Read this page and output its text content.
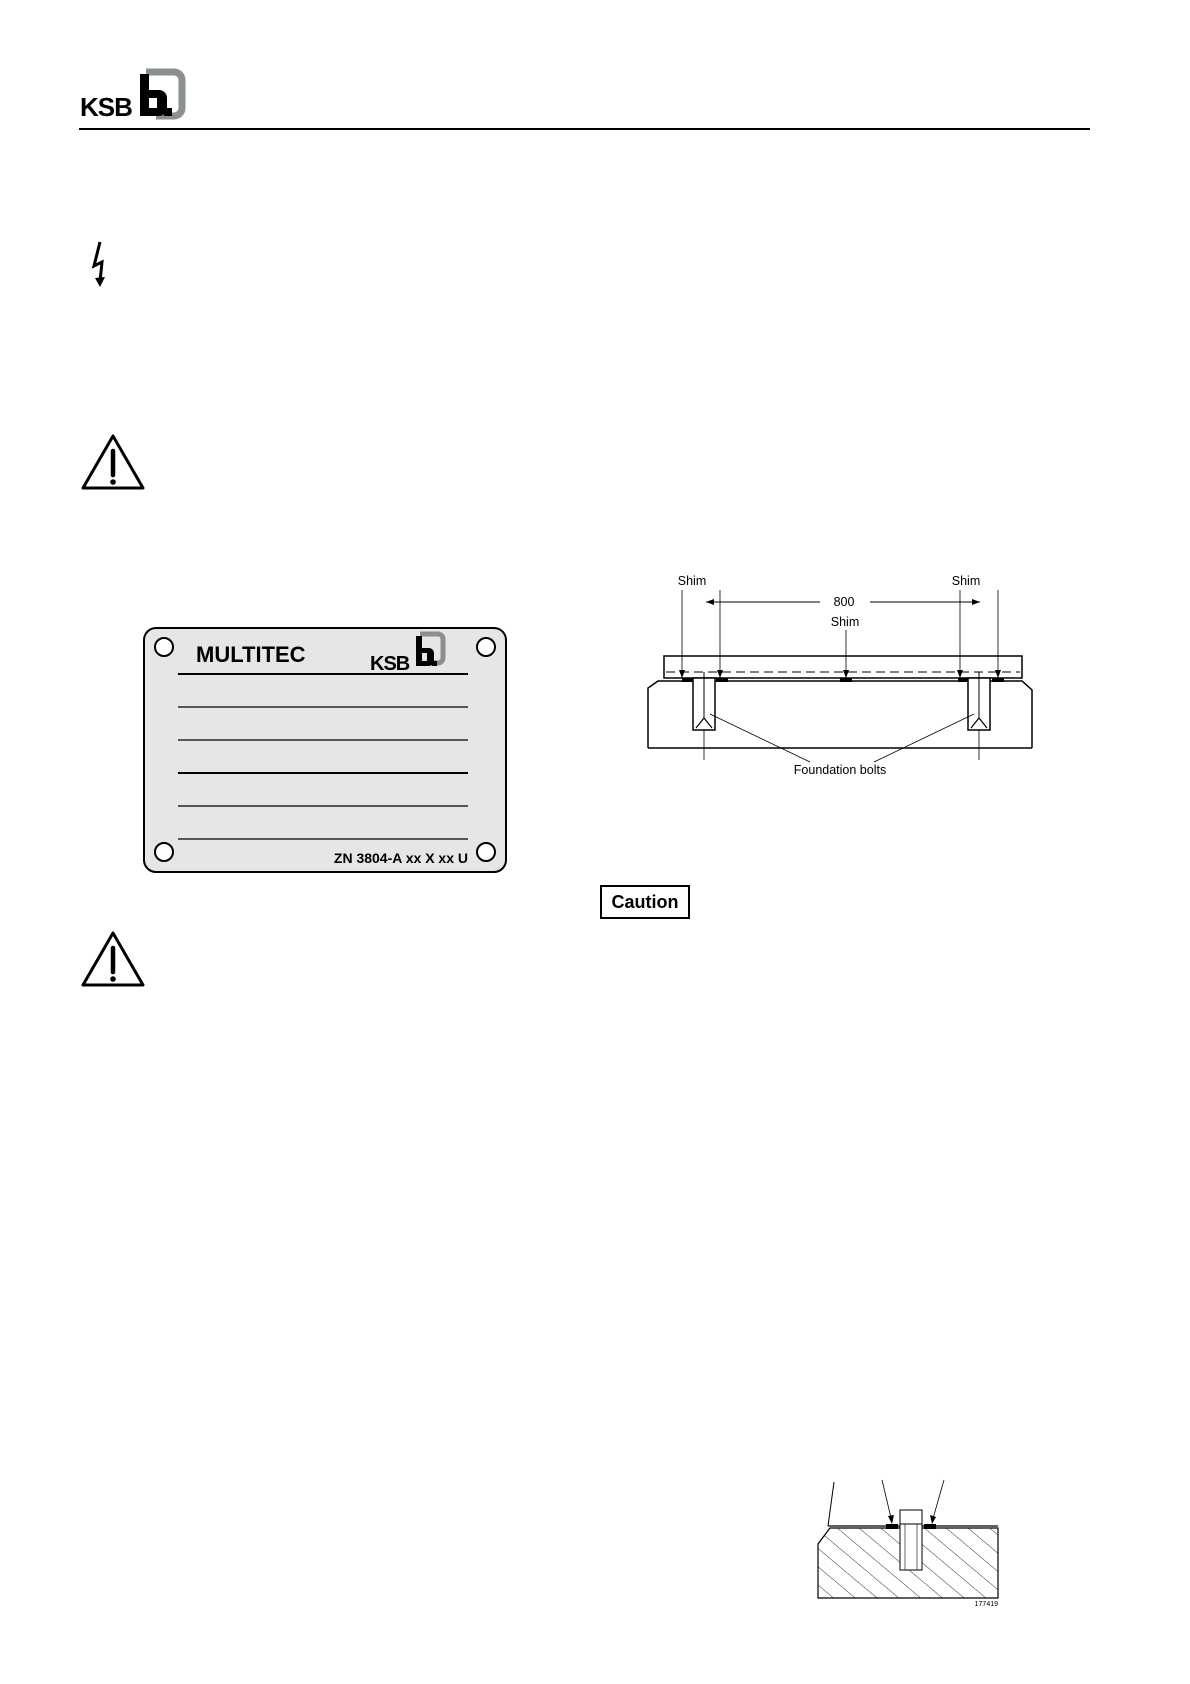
KSB
MULTITEC	KSB
ZN 3804-A xx X xx U
Shim	Shim
800
Shim
Foundation bolts
Caution
177419
